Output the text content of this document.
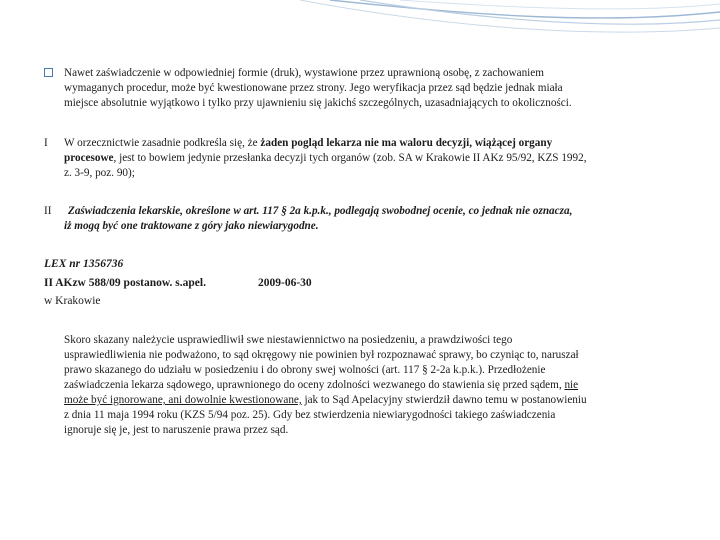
Nawet zaświadczenie w odpowiedniej formie (druk), wystawione przez uprawnioną osobę, z zachowaniem
wymaganych procedur, może być kwestionowane przez strony. Jego weryfikacja przez sąd będzie jednak miała
miejsce absolutnie wyjątkowo i tylko przy ujawnieniu się jakichś szczególnych, uzasadniających to okoliczności.
I W orzecznictwie zasadnie podkreśla się, że żaden pogląd lekarza nie ma waloru decyzji, wiążącej organy
procesowe, jest to bowiem jedynie przesłanka decyzji tych organów (zob. SA w Krakowie II AKz 95/92, KZS 1992,
z. 3-9, poz. 90);
II	Zaświadczenia lekarskie, określone w art. 117 § 2a k.p.k., podlegają swobodnej ocenie, co jednak nie oznacza,
iż mogą być one traktowane z góry jako niewiarygodne.
LEX nr 1356736
II AKzw 588/09 postanow. s.apel.	2009-06-30
w Krakowie
Skoro skazany należycie usprawiedliwił swe niestawiennictwo na posiedzeniu, a prawdziwości tego
usprawiedliwienia nie podważono, to sąd okręgowy nie powinien był rozpoznawać sprawy, bo czyniąc to, naruszał
prawo skazanego do udziału w posiedzeniu i do obrony swej wolności (art. 117 § 2-2a k.p.k.). Przedłożenie
zaświadczenia lekarza sądowego, uprawnionego do oceny zdolności wezwanego do stawienia się przed sądem, nie
może być ignorowane, ani dowolnie kwestionowane, jak to Sąd Apelacyjny stwierdził dawno temu w postanowieniu
z dnia 11 maja 1994 roku (KZS 5/94 poz. 25). Gdy bez stwierdzenia niewiarygodności takiego zaświadczenia
ignoruje się je, jest to naruszenie prawa przez sąd.
